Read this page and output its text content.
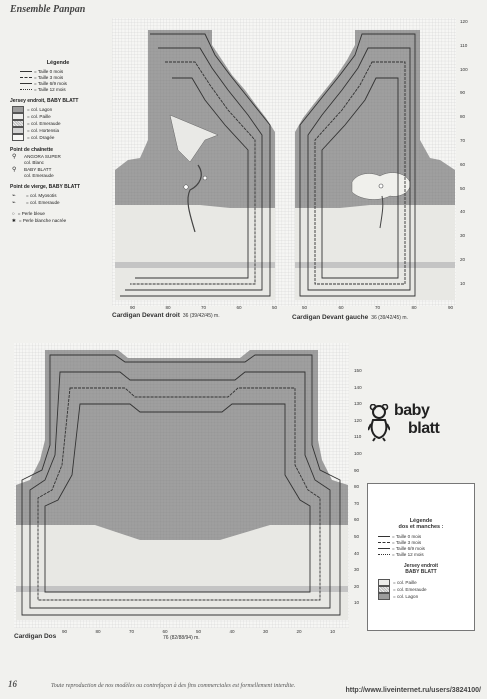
Ensemble Panpan
120
110
100
90
80
70
60
50
40
30
20
10
150
140
130
120
110
100
90
80
70
60
50
40
30
20
10
90	80	70	60	50	50	60	70	80	90
90	80	70	60	50	40	30	20	10
Cardigan Devant droit 36 (39/42/45) m.	Cardigan Devant gauche 36 (39/42/45) m.
Cardigan Dos	76 (82/88/94) m.
Légende
= Taille 0 mois
= Taille 3 mois
= Taille 6/9 mois
= Taille 12 mois
Jersey endroit, BABY BLATT
= col. Lagon
= col. Paille
= col. Emeraude
= col. Hortensia
= col. Dragée
Point de chaînette
⚲	ANGORA SUPER
col. Blanc
⚲	BABY BLATT
col. Emeraude
Point de vierge, BABY BLATT
⌁	= col. Myosotis
⌁	= col. Emeraude
○ = Perle bleue
✱ = Perle blanche nacrée
baby
blatt
Légende
dos et manches :
= Taille 0 mois
= Taille 3 mois
= Taille 6/9 mois
= Taille 12 mois
Jersey endroit
BABY BLATT
= col. Paille
= col. Emeraude
= col. Lagon
16	Toute reproduction de nos modèles ou contrefaçon à des fins commerciales est formellement interdite.
http://www.liveinternet.ru/users/3824100/
